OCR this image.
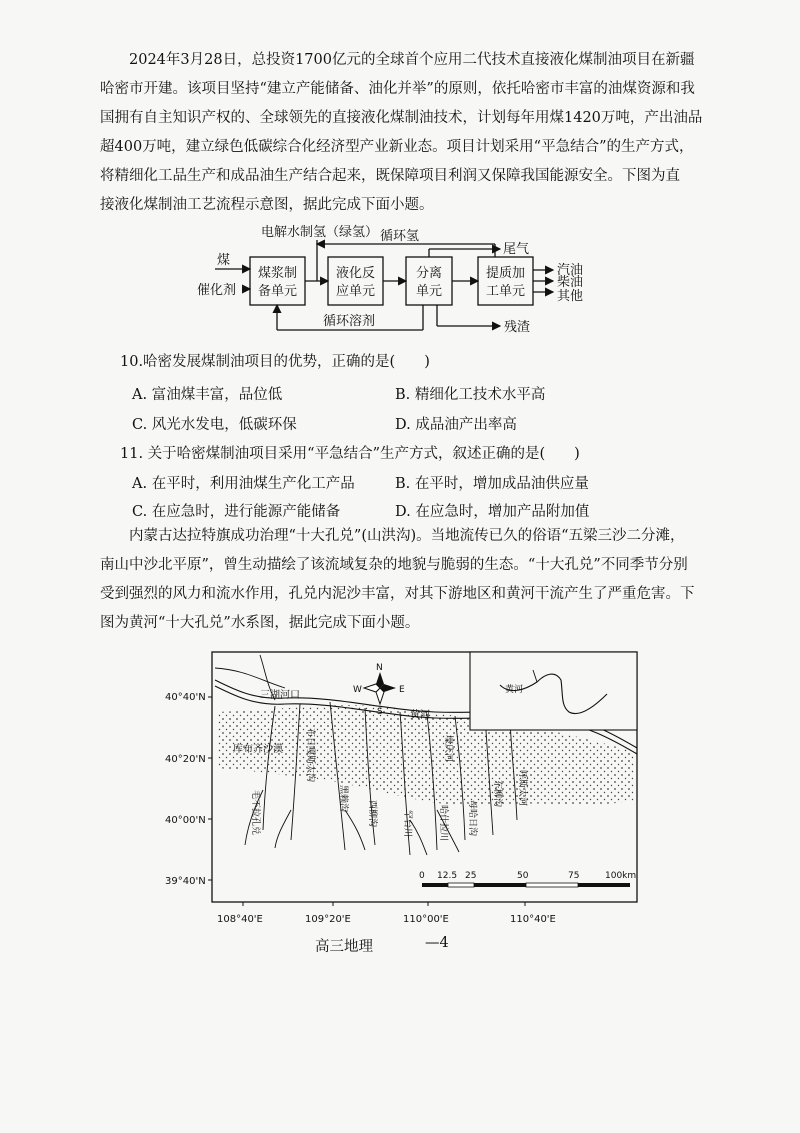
2024年3月28日，总投资1700亿元的全球首个应用二代技术直接液化煤制油项目在新疆

哈密市开建。该项目坚持“建立产能储备、油化并举”的原则，依托哈密市丰富的油煤资源和我

国拥有自主知识产权的、全球领先的直接液化煤制油技术，计划每年用煤1420万吨，产出油品

超400万吨，建立绿色低碳综合化经济型产业新业态。项目计划采用“平急结合”的生产方式，

将精细化工品生产和成品油生产结合起来，既保障项目利润又保障我国能源安全。下图为直

接液化煤制油工艺流程示意图，据此完成下面小题。

煤
催化剂
煤浆制
备单元
液化反
应单元
分离
单元
提质加
工单元
电解水制氢（绿氢） 循环氢
尾气
汽油
柴油
其他
循环溶剂	残渣
10.哈密发展煤制油项目的优势，正确的是(　　)
A. 富油煤丰富，品位低	B. 精细化工技术水平高
C. 风光水发电，低碳环保	D. 成品油产出率高
11. 关于哈密煤制油项目采用“平急结合”生产方式，叙述正确的是(　　)
A. 在平时，利用油煤生产化工产品	B. 在平时，增加成品油供应量
C. 在应急时，进行能源产能储备	D. 在应急时，增加产品附加值

内蒙古达拉特旗成功治理“十大孔兑”(山洪沟)。当地流传已久的俗语“五梁三沙二分滩，

南山中沙北平原”，曾生动描绘了该流域复杂的地貌与脆弱的生态。“十大孔兑”不同季节分别

受到强烈的风力和流水作用，孔兑内泥沙丰富，对其下游地区和黄河干流产生了严重危害。下

图为黄河“十大孔兑”水系图，据此完成下面小题。

40°40'N
40°20'N
40°00'N
39°40'N
108°40'E	109°20'E	110°00'E	110°40'E
黄河
N
S
W	E
三湖河口
黄河
库布齐沙漠
毛不拉孔兑
布日嘎斯太沟
黑赖沟
西柳沟	罕台川
壕庆河
哈什拉川 母哈日沟
东柳沟 呼斯太河
0 12.5 25	50	75	100km
高三地理	—4
